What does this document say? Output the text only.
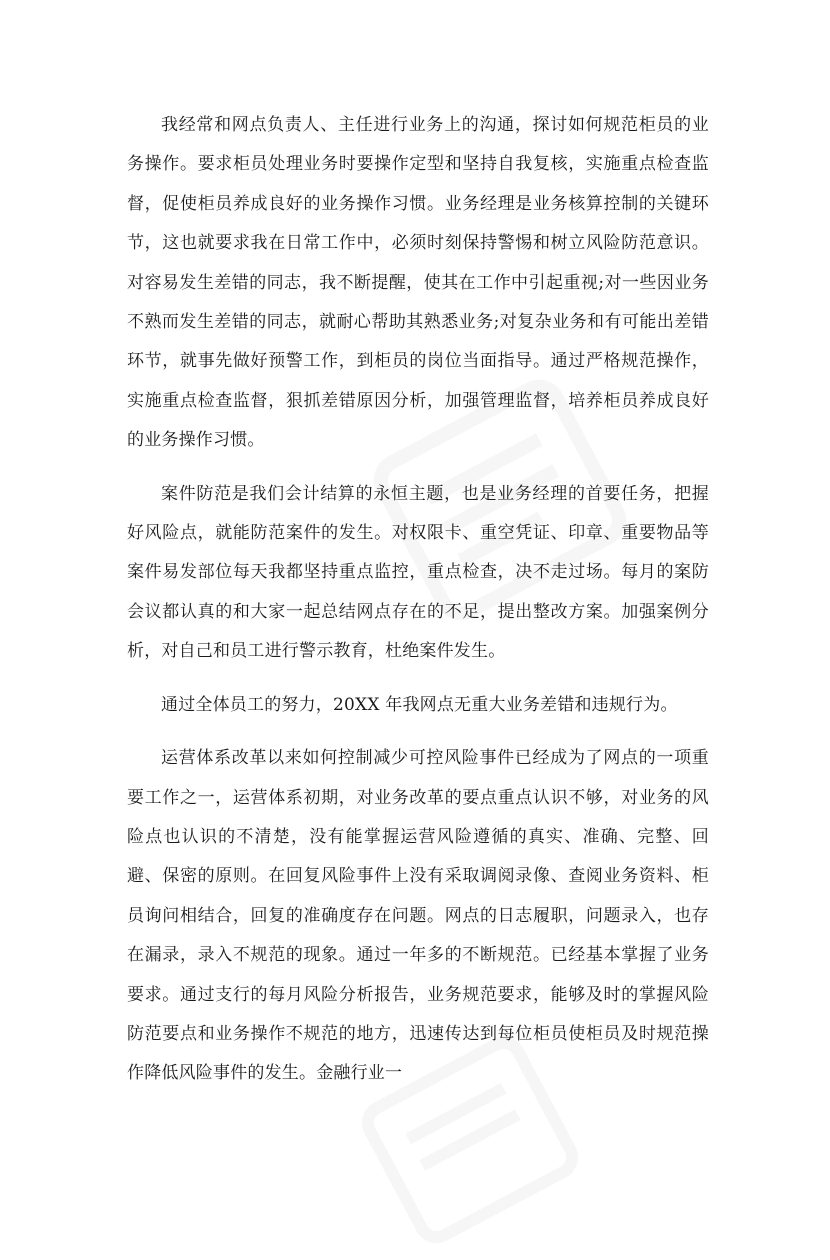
我经常和网点负责人、主任进行业务上的沟通，探讨如何规范柜员的业务操作。要求柜员处理业务时要操作定型和坚持自我复核，实施重点检查监督，促使柜员养成良好的业务操作习惯。业务经理是业务核算控制的关键环节，这也就要求我在日常工作中，必须时刻保持警惕和树立风险防范意识。对容易发生差错的同志，我不断提醒，使其在工作中引起重视;对一些因业务不熟而发生差错的同志，就耐心帮助其熟悉业务;对复杂业务和有可能出差错环节，就事先做好预警工作，到柜员的岗位当面指导。通过严格规范操作，实施重点检查监督，狠抓差错原因分析，加强管理监督，培养柜员养成良好的业务操作习惯。

案件防范是我们会计结算的永恒主题，也是业务经理的首要任务，把握好风险点，就能防范案件的发生。对权限卡、重空凭证、印章、重要物品等案件易发部位每天我都坚持重点监控，重点检查，决不走过场。每月的案防会议都认真的和大家一起总结网点存在的不足，提出整改方案。加强案例分析，对自己和员工进行警示教育，杜绝案件发生。

通过全体员工的努力，20XX 年我网点无重大业务差错和违规行为。

运营体系改革以来如何控制减少可控风险事件已经成为了网点的一项重要工作之一，运营体系初期，对业务改革的要点重点认识不够，对业务的风险点也认识的不清楚，没有能掌握运营风险遵循的真实、准确、完整、回避、保密的原则。在回复风险事件上没有采取调阅录像、查阅业务资料、柜员询问相结合，回复的准确度存在问题。网点的日志履职，问题录入，也存在漏录，录入不规范的现象。通过一年多的不断规范。已经基本掌握了业务要求。通过支行的每月风险分析报告，业务规范要求，能够及时的掌握风险防范要点和业务操作不规范的地方，迅速传达到每位柜员使柜员及时规范操作降低风险事件的发生。金融行业一
